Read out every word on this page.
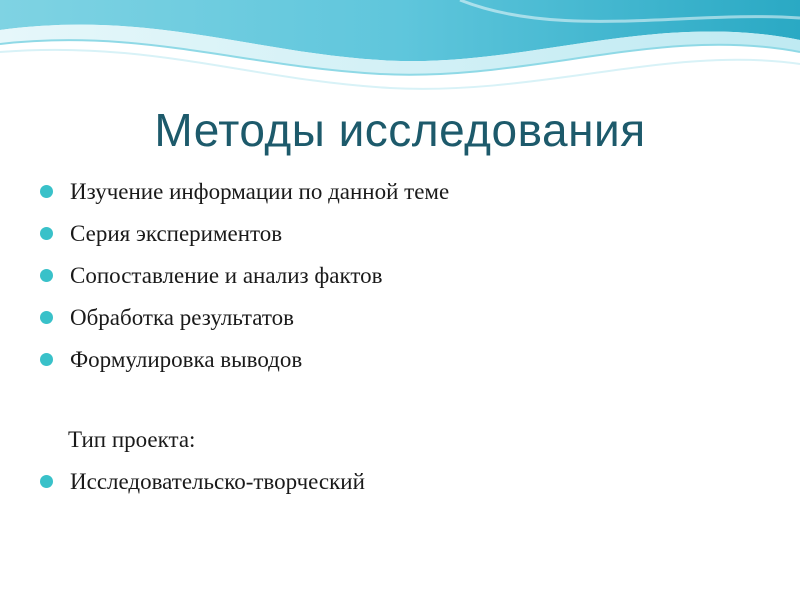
Методы исследования
Изучение информации по данной теме
Серия экспериментов
Сопоставление и анализ фактов
Обработка результатов
Формулировка выводов
Тип проекта:
Исследовательско-творческий
